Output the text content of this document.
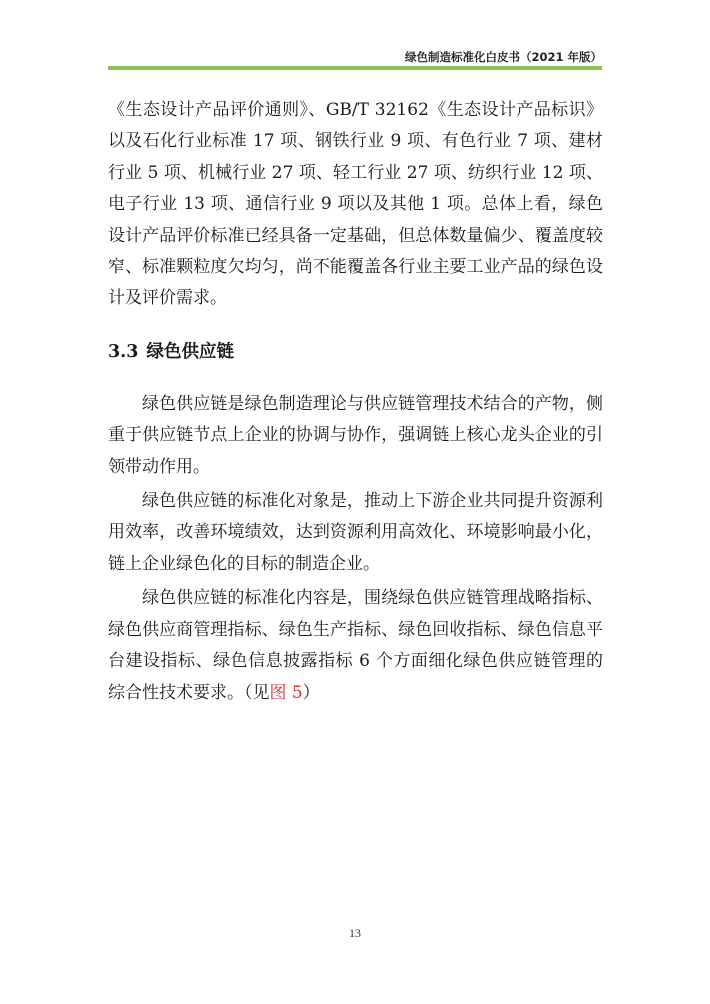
绿色制造标准化白皮书（2021 年版）

《生态设计产品评价通则》、GB/T 32162《生态设计产品标识》以及石化行业标准 17 项、钢铁行业 9 项、有色行业 7 项、建材行业 5 项、机械行业 27 项、轻工行业 27 项、纺织行业 12 项、电子行业 13 项、通信行业 9 项以及其他 1 项。总体上看，绿色设计产品评价标准已经具备一定基础，但总体数量偏少、覆盖度较窄、标准颗粒度欠均匀，尚不能覆盖各行业主要工业产品的绿色设计及评价需求。

3.3 绿色供应链

绿色供应链是绿色制造理论与供应链管理技术结合的产物，侧重于供应链节点上企业的协调与协作，强调链上核心龙头企业的引领带动作用。

绿色供应链的标准化对象是，推动上下游企业共同提升资源利用效率，改善环境绩效，达到资源利用高效化、环境影响最小化，链上企业绿色化的目标的制造企业。

绿色供应链的标准化内容是，围绕绿色供应链管理战略指标、绿色供应商管理指标、绿色生产指标、绿色回收指标、绿色信息平台建设指标、绿色信息披露指标 6 个方面细化绿色供应链管理的综合性技术要求。（见图 5）

13
